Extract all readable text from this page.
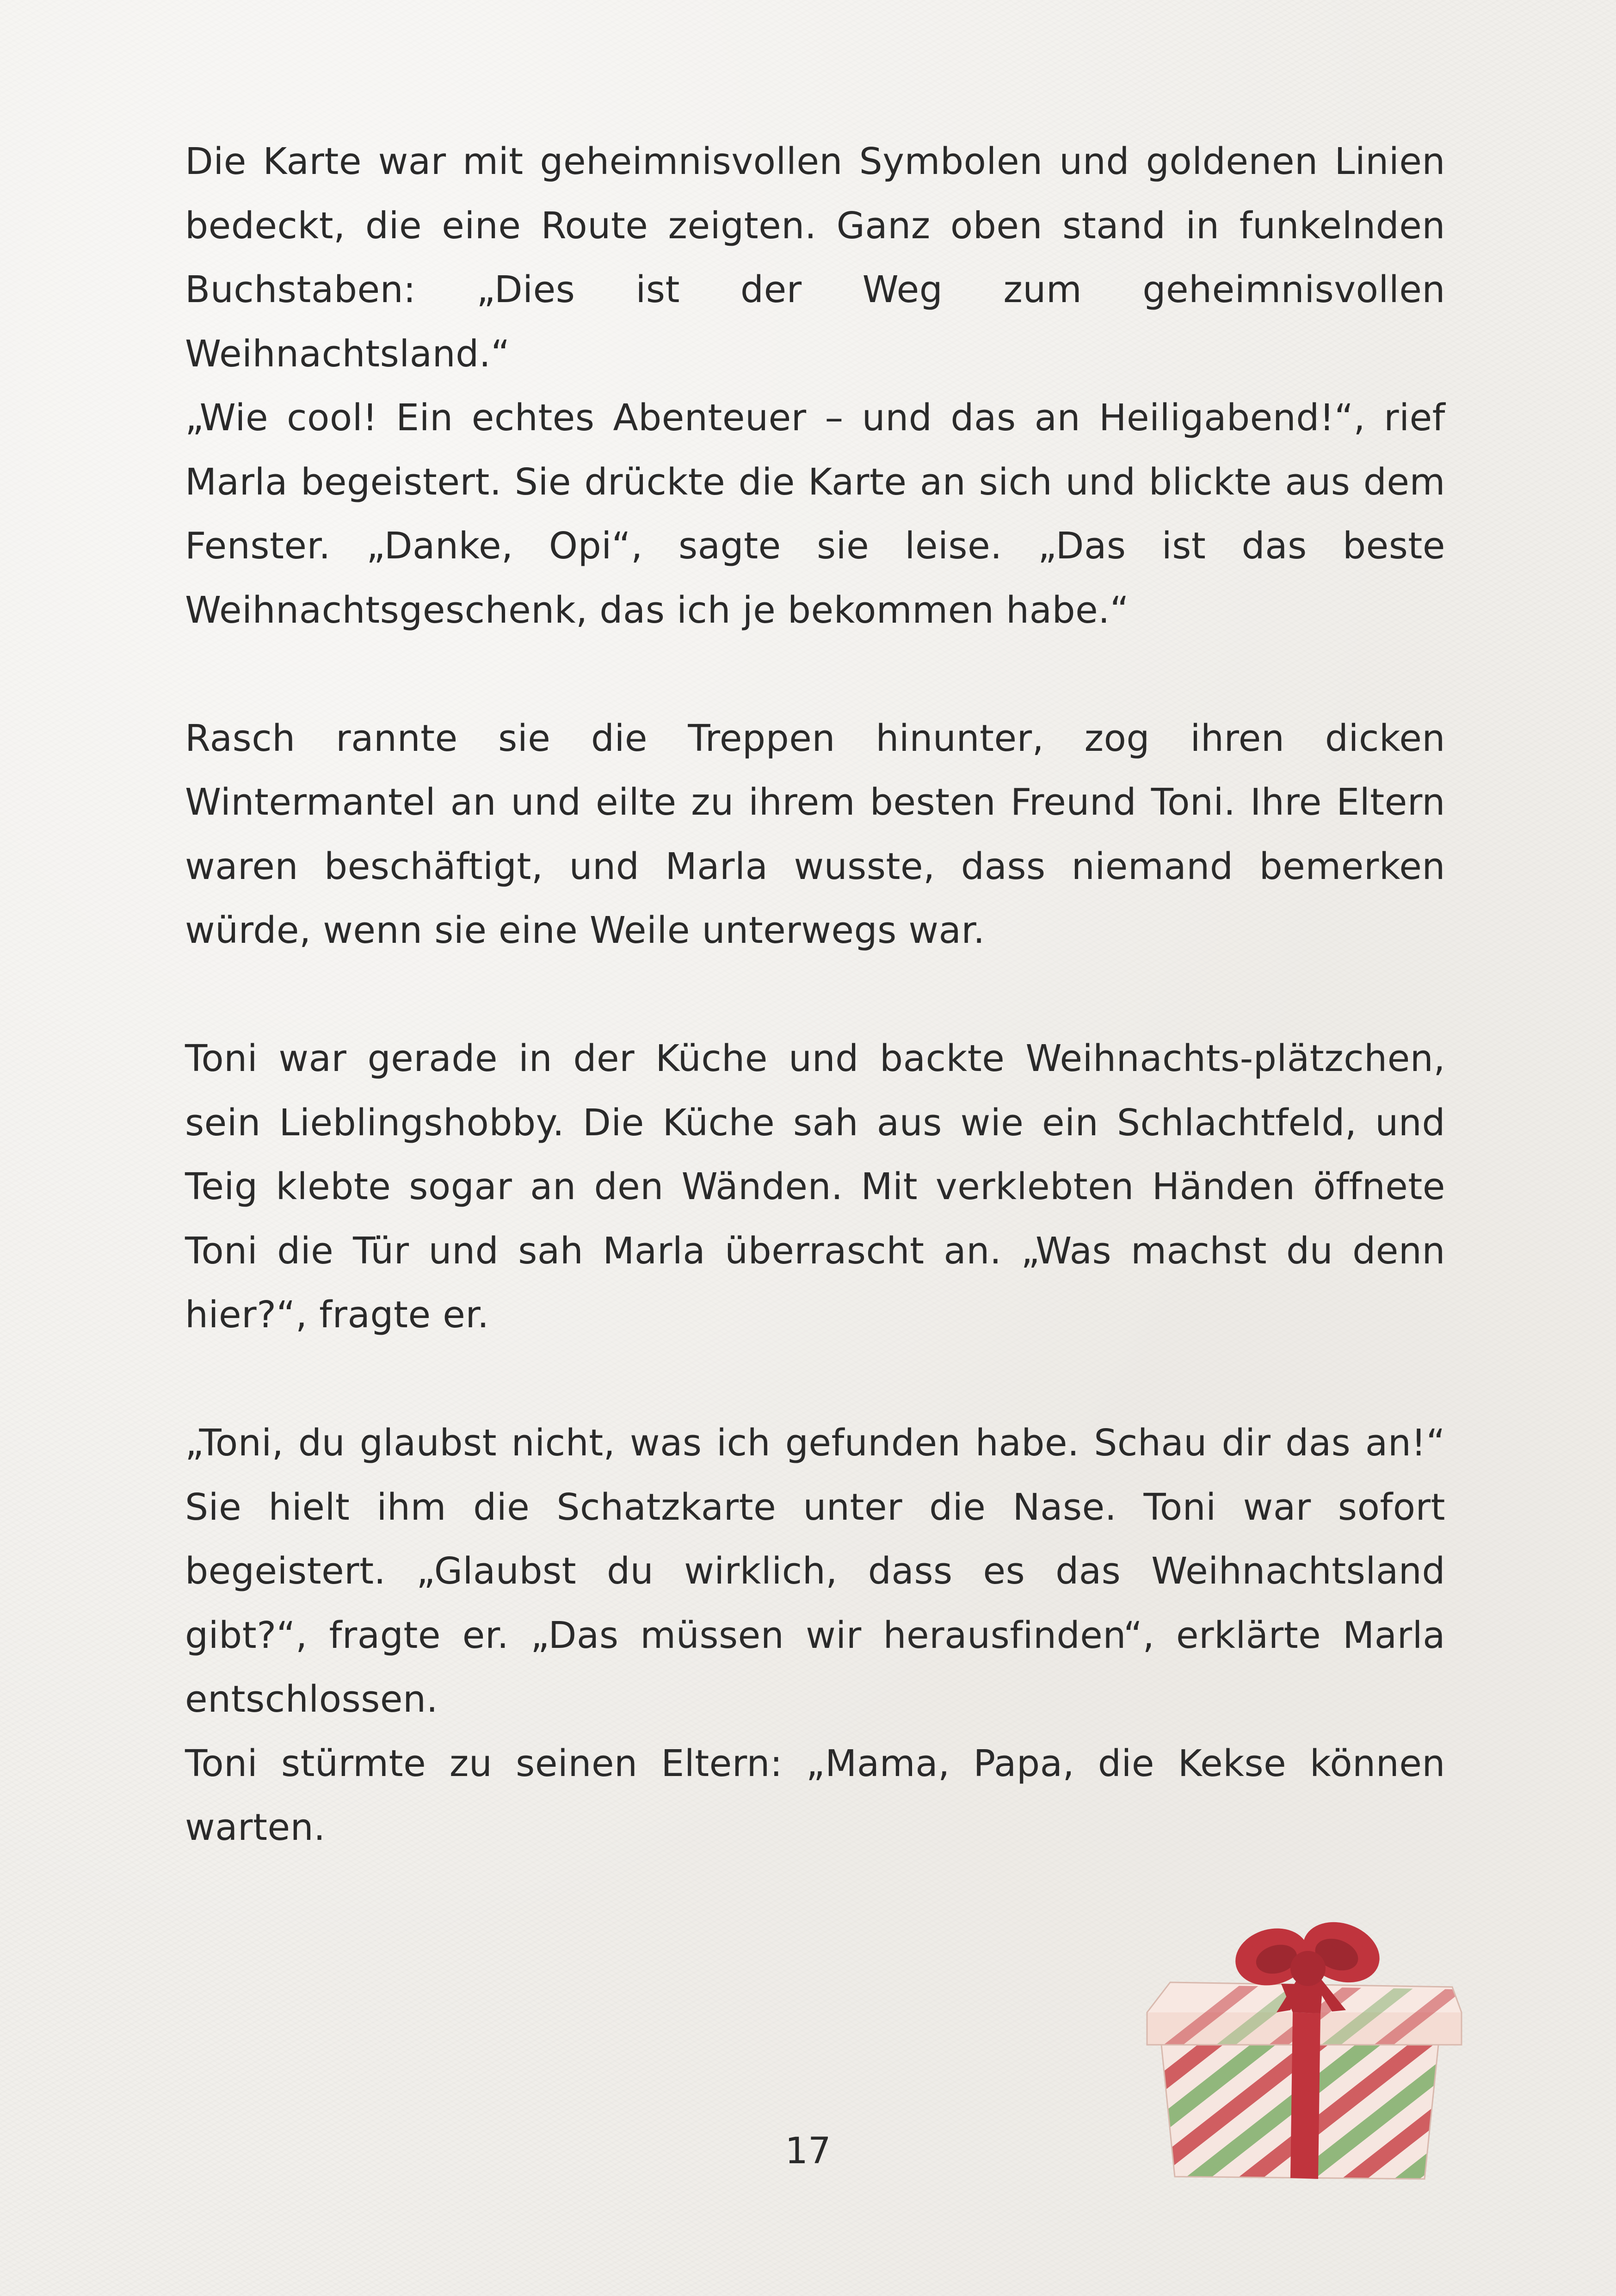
Die Karte war mit geheimnisvollen Symbolen und goldenen Linien bedeckt, die eine Route zeigten. Ganz oben stand in funkelnden Buchstaben: „Dies ist der Weg zum geheimnisvollen Weihnachtsland.“

„Wie cool! Ein echtes Abenteuer – und das an Heiligabend!“, rief Marla begeistert. Sie drückte die Karte an sich und blickte aus dem Fenster. „Danke, Opi“, sagte sie leise. „Das ist das beste Weihnachtsgeschenk, das ich je bekommen habe.“

Rasch rannte sie die Treppen hinunter, zog ihren dicken Wintermantel an und eilte zu ihrem besten Freund Toni. Ihre Eltern waren beschäftigt, und Marla wusste, dass niemand bemerken würde, wenn sie eine Weile unterwegs war.

Toni war gerade in der Küche und backte Weihnachts-plätzchen, sein Lieblingshobby. Die Küche sah aus wie ein Schlachtfeld, und Teig klebte sogar an den Wänden. Mit verklebten Händen öffnete Toni die Tür und sah Marla überrascht an. „Was machst du denn hier?“, fragte er.

„Toni, du glaubst nicht, was ich gefunden habe. Schau dir das an!“ Sie hielt ihm die Schatzkarte unter die Nase. Toni war sofort begeistert. „Glaubst du wirklich, dass es das Weihnachtsland gibt?“, fragte er. „Das müssen wir herausfinden“, erklärte Marla entschlossen.

Toni stürmte zu seinen Eltern: „Mama, Papa, die Kekse können warten.

17
